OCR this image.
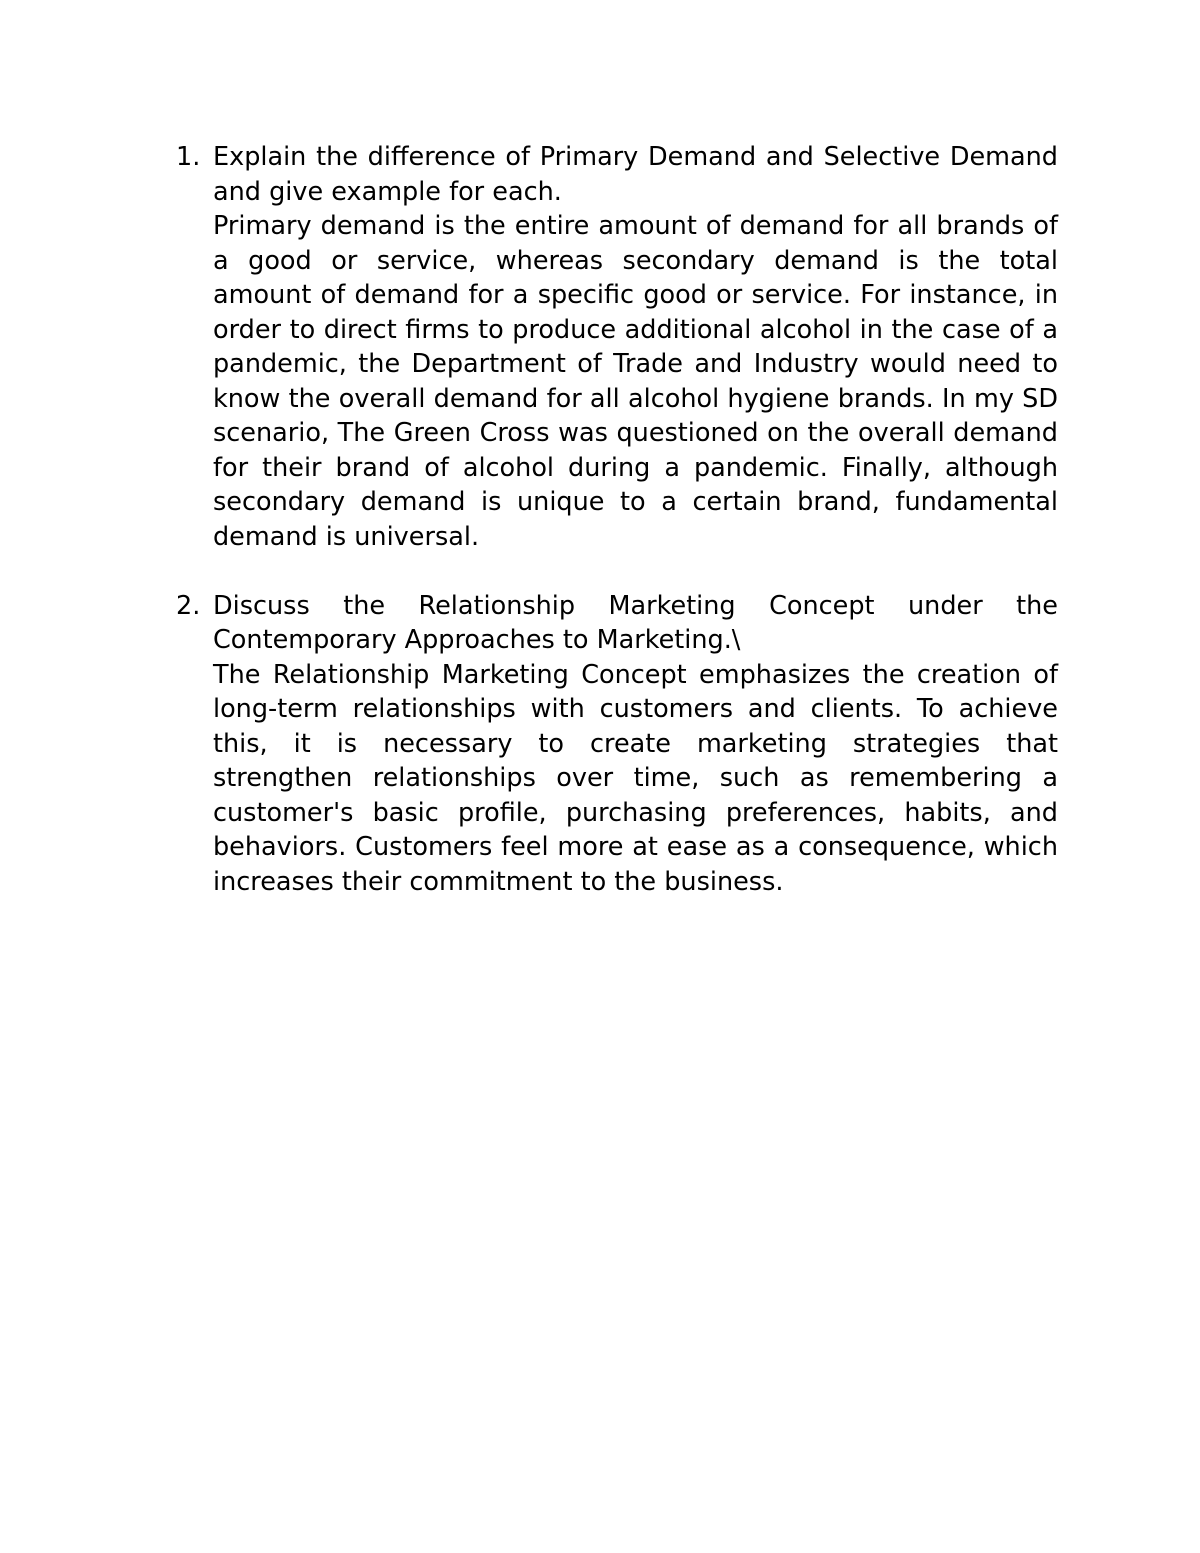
1. Explain the difference of Primary Demand and Selective Demand and give example for each.
Primary demand is the entire amount of demand for all brands of a good or service, whereas secondary demand is the total amount of demand for a specific good or service. For instance, in order to direct firms to produce additional alcohol in the case of a pandemic, the Department of Trade and Industry would need to know the overall demand for all alcohol hygiene brands. In my SD scenario, The Green Cross was questioned on the overall demand for their brand of alcohol during a pandemic. Finally, although secondary demand is unique to a certain brand, fundamental demand is universal.
2. Discuss the Relationship Marketing Concept under the Contemporary Approaches to Marketing.\
The Relationship Marketing Concept emphasizes the creation of long-term relationships with customers and clients. To achieve this, it is necessary to create marketing strategies that strengthen relationships over time, such as remembering a customer's basic profile, purchasing preferences, habits, and behaviors. Customers feel more at ease as a consequence, which increases their commitment to the business.
